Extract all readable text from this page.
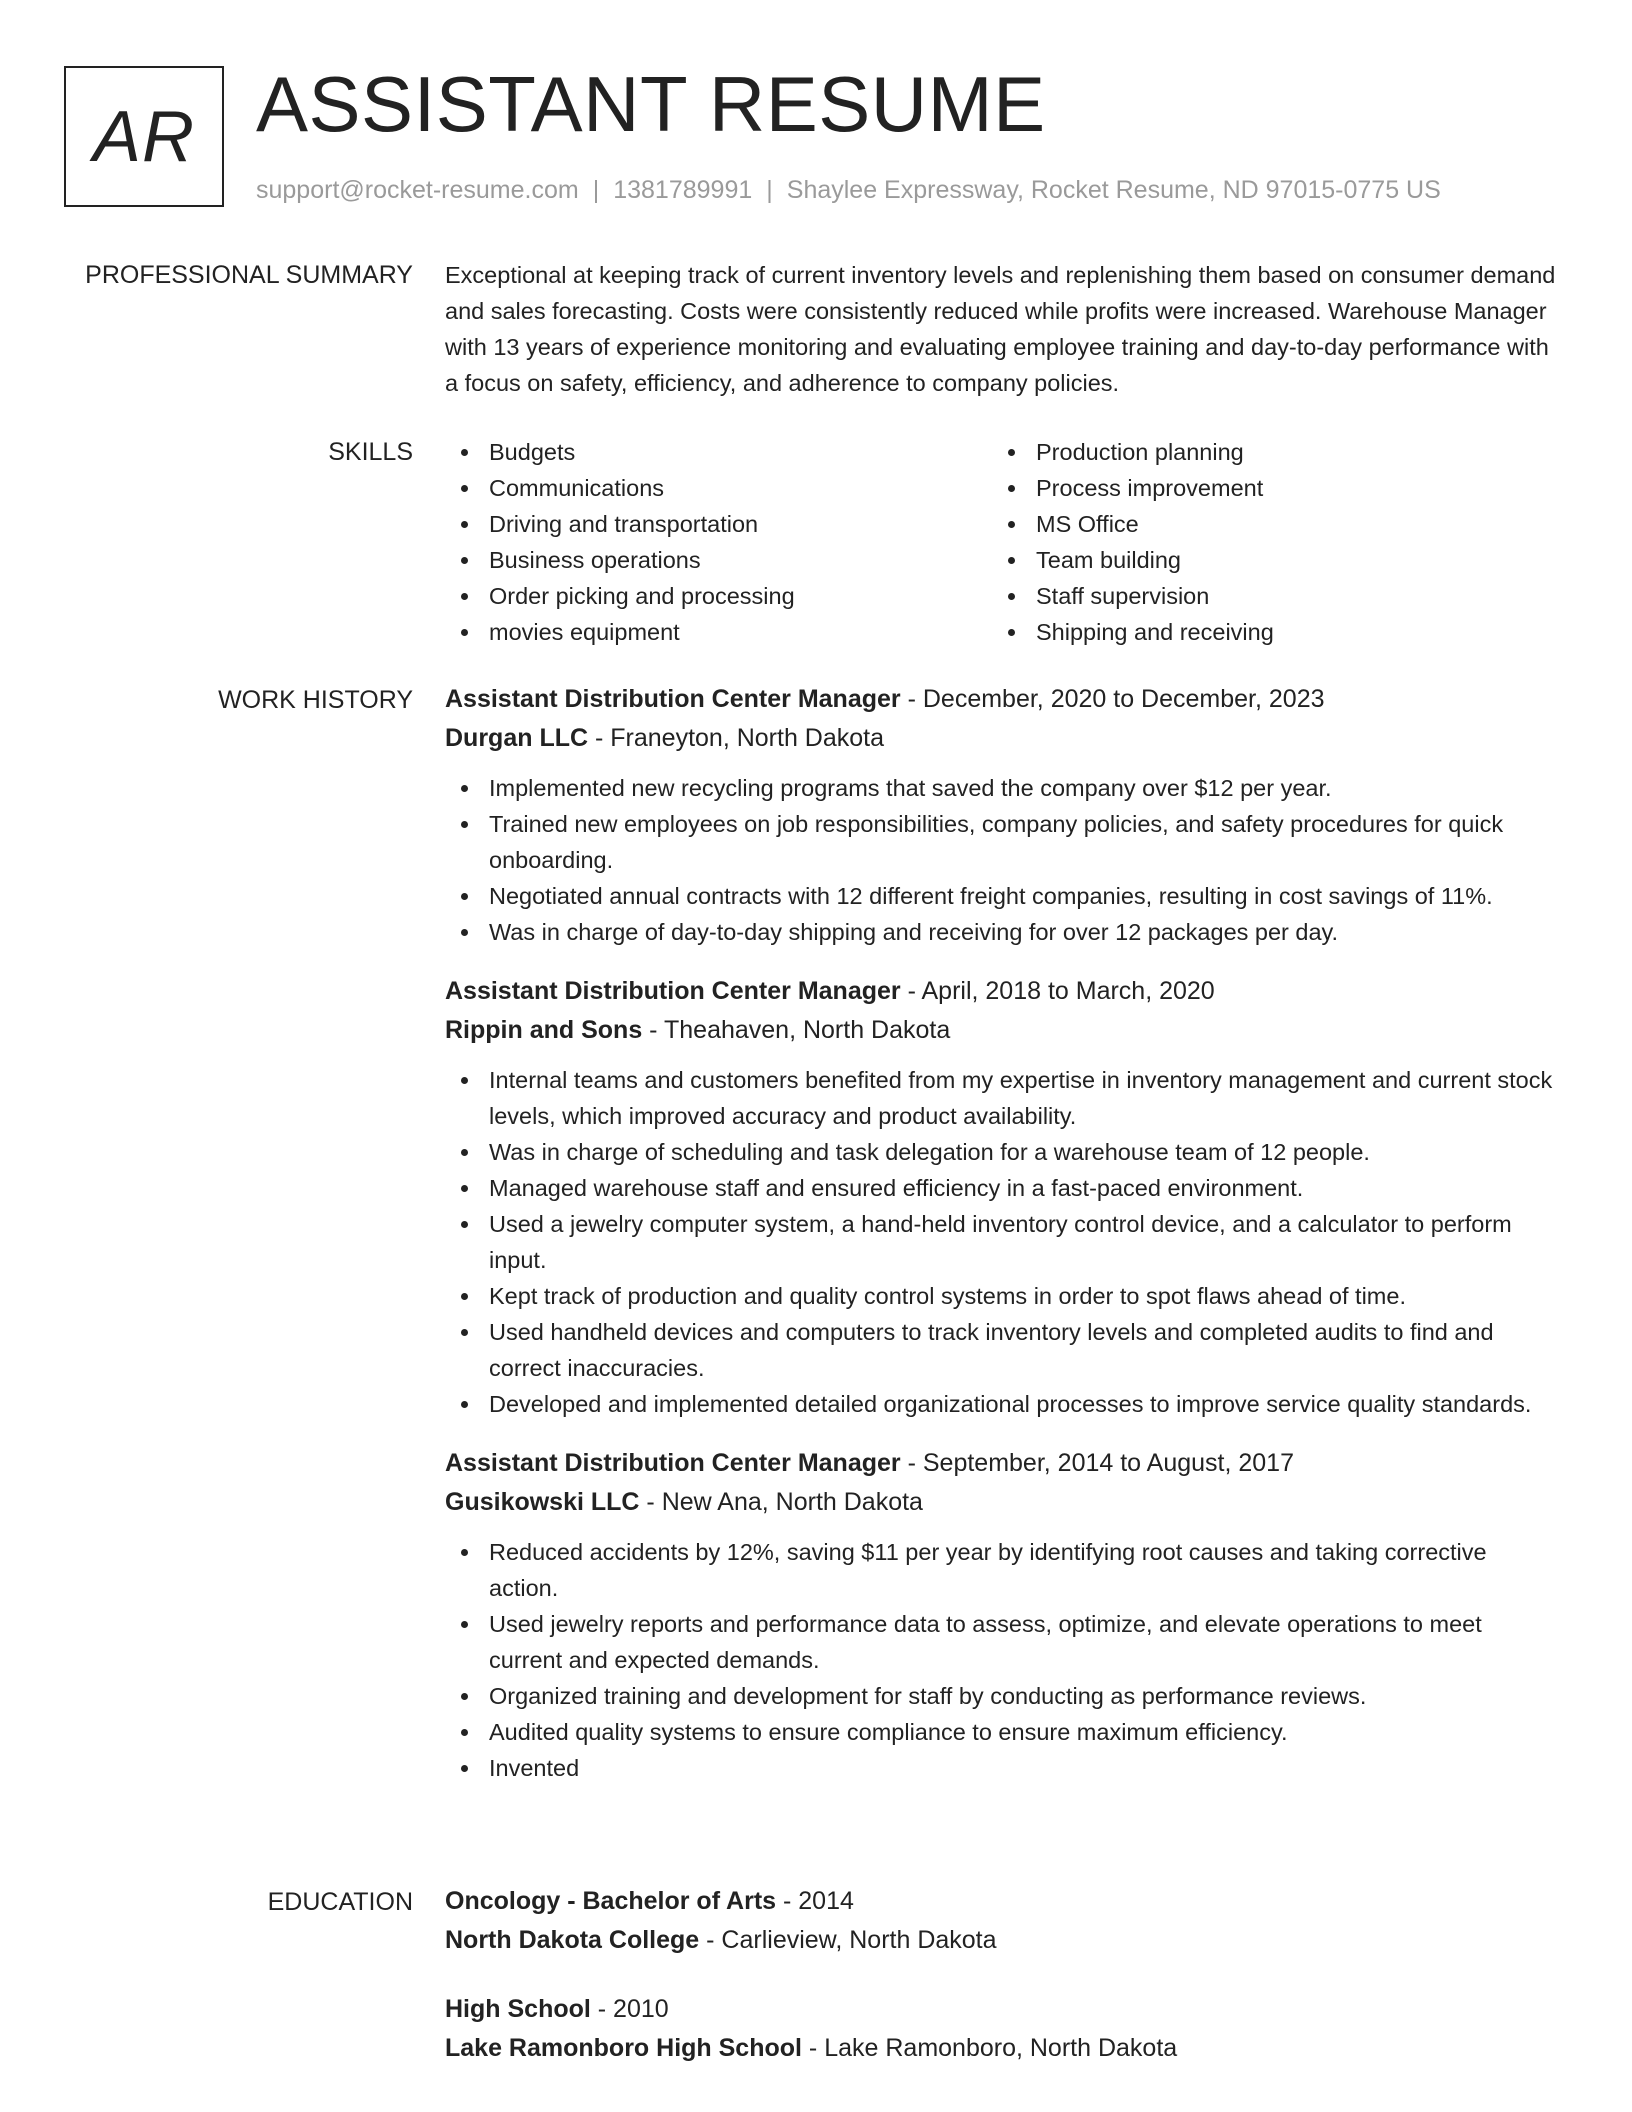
AR ASSISTANT RESUME
support@rocket-resume.com | 1381789991 | Shaylee Expressway, Rocket Resume, ND 97015-0775 US
PROFESSIONAL SUMMARY Exceptional at keeping track of current inventory levels and replenishing them based on consumer demand and sales forecasting. Costs were consistently reduced while profits were increased. Warehouse Manager with 13 years of experience monitoring and evaluating employee training and day-to-day performance with a focus on safety, efficiency, and adherence to company policies.

SKILLS	Budgets
Communications
Driving and transportation
Business operations
Order picking and processing
movies equipment
Production planning
Process improvement
MS Office
Team building
Staff supervision
Shipping and receiving
WORK HISTORY Assistant Distribution Center Manager - December, 2020 to December, 2023
Durgan LLC - Franeyton, North Dakota
Implemented new recycling programs that saved the company over $12 per year.
Trained new employees on job responsibilities, company policies, and safety procedures for quick onboarding.
Negotiated annual contracts with 12 different freight companies, resulting in cost savings of 11%.
Was in charge of day-to-day shipping and receiving for over 12 packages per day.
Assistant Distribution Center Manager - April, 2018 to March, 2020
Rippin and Sons - Theahaven, North Dakota
Internal teams and customers benefited from my expertise in inventory management and current stock levels, which improved accuracy and product availability.
Was in charge of scheduling and task delegation for a warehouse team of 12 people.
Managed warehouse staff and ensured efficiency in a fast-paced environment.
Used a jewelry computer system, a hand-held inventory control device, and a calculator to perform input.
Kept track of production and quality control systems in order to spot flaws ahead of time.
Used handheld devices and computers to track inventory levels and completed audits to find and correct inaccuracies.
Developed and implemented detailed organizational processes to improve service quality standards.
Assistant Distribution Center Manager - September, 2014 to August, 2017
Gusikowski LLC - New Ana, North Dakota
Reduced accidents by 12%, saving $11 per year by identifying root causes and taking corrective action.
Used jewelry reports and performance data to assess, optimize, and elevate operations to meet current and expected demands.
Organized training and development for staff by conducting as performance reviews.
Audited quality systems to ensure compliance to ensure maximum efficiency.
Invented
EDUCATION Oncology - Bachelor of Arts - 2014
North Dakota College - Carlieview, North Dakota
High School - 2010
Lake Ramonboro High School - Lake Ramonboro, North Dakota
